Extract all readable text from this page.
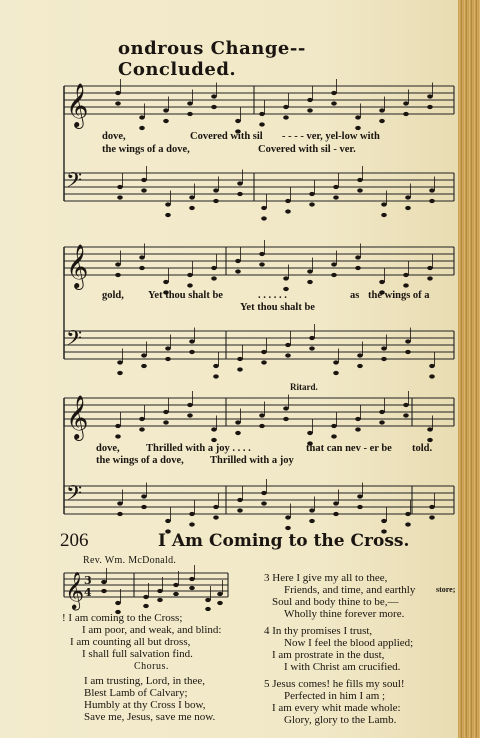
ondrous Change--Concluded.
𝄞
𝄢
𝄞
𝄢
𝄞
𝄢
𝄞 3
4
dove,	Covered with sil - - - - ver, yel-low with
the wings of a dove,	Covered with sil - ver.
gold, Yet thou shalt be	. . . . . .	as the wings of a
Yet thou shalt be
Ritard.
dove,	Thrilled with a joy . . . .	that can nev - er be told.
the wings of a dove, Thrilled with a joy
206	I Am Coming to the Cross.
Rev. Wm. McDonald.
! I am coming to the Cross;
I am poor, and weak, and blind:
I am counting all but dross,
I shall full salvation find.
Chorus.
I am trusting, Lord, in thee,
Blest Lamb of Calvary;
Humbly at thy Cross I bow,
Save me, Jesus, save me now.
3 Here I give my all to thee,
Friends, and time, and earthly	store;
Soul and body thine to be,—
Wholly thine forever more.
4 In thy promises I trust,
Now I feel the blood applied;
I am prostrate in the dust,
I with Christ am crucified.
5 Jesus comes! he fills my soul!
Perfected in him I am ;
I am every whit made whole:
Glory, glory to the Lamb.
